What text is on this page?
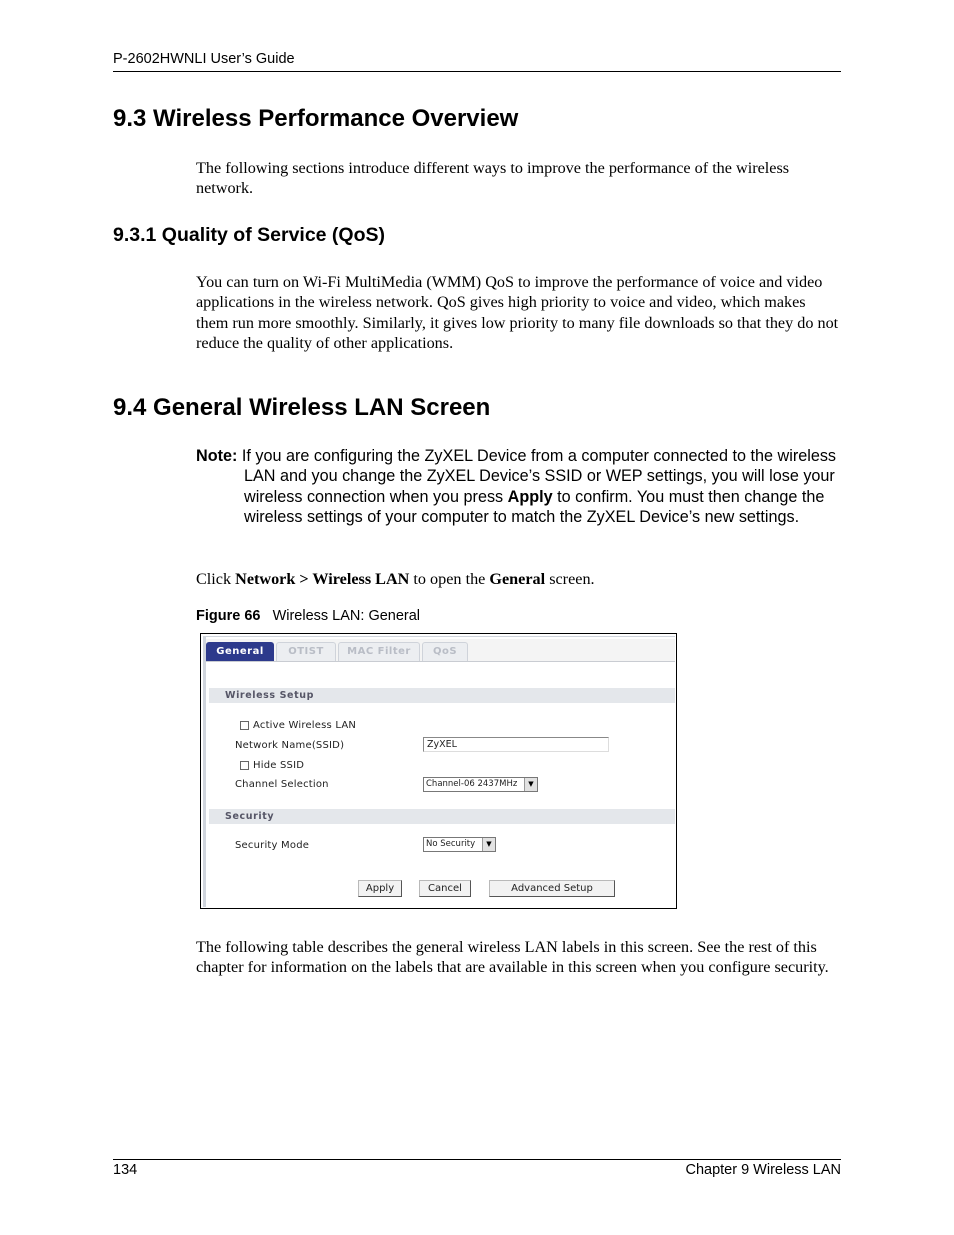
P-2602HWNLI User’s Guide
9.3 Wireless Performance Overview

The following sections introduce different ways to improve the performance of the wireless network.

9.3.1 Quality of Service (QoS)

You can turn on Wi-Fi MultiMedia (WMM) QoS to improve the performance of voice and video applications in the wireless network. QoS gives high priority to voice and video, which makes them run more smoothly. Similarly, it gives low priority to many file downloads so that they do not reduce the quality of other applications.

9.4 General Wireless LAN Screen

Note: If you are configuring the ZyXEL Device from a computer connected to the wireless LAN and you change the ZyXEL Device’s SSID or WEP settings, you will lose your wireless connection when you press Apply to confirm. You must then change the wireless settings of your computer to match the ZyXEL Device’s new settings.

Click Network > Wireless LAN to open the General screen.

Figure 66 Wireless LAN: General
General	OTIST	MAC Filter	QoS
Wireless Setup
Active Wireless LAN
Network Name(SSID)	ZyXEL
Hide SSID
Channel Selection	Channel-06 2437MHz	▼
Security
Security Mode	No Security	▼
Apply	Cancel	Advanced Setup

The following table describes the general wireless LAN labels in this screen. See the rest of this chapter for information on the labels that are available in this screen when you configure security.

134	Chapter 9 Wireless LAN
